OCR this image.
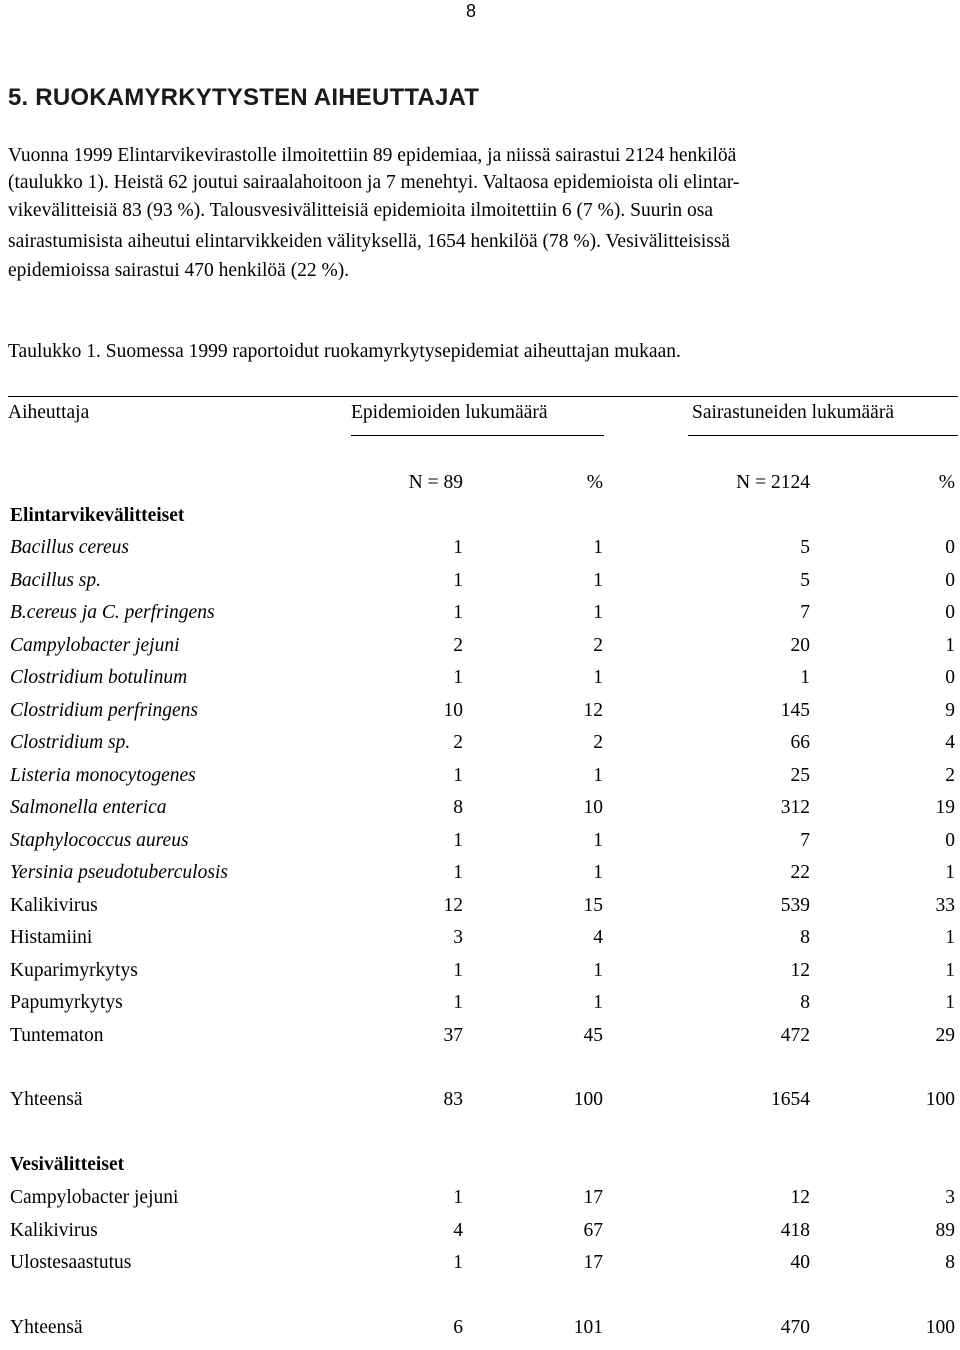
8
5. RUOKAMYRKYTYSTEN AIHEUTTAJAT
Vuonna 1999 Elintarvikevirastolle ilmoitettiin 89 epidemiaa, ja niissä sairastui 2124 henkilöä
(taulukko 1). Heistä 62 joutui sairaalahoitoon ja 7 menehtyi. Valtaosa epidemioista oli elintar-
vikevälitteisiä 83 (93 %). Talousvesivälitteisiä epidemioita ilmoitettiin 6 (7 %). Suurin osa
sairastumisista aiheutui elintarvikkeiden välityksellä, 1654 henkilöä (78 %). Vesivälitteisissä
epidemioissa sairastui 470 henkilöä (22 %).
Taulukko 1. Suomessa 1999 raportoidut ruokamyrkytysepidemiat aiheuttajan mukaan.
Aiheuttaja	Epidemioiden lukumäärä	Sairastuneiden lukumäärä
N = 89	%	N = 2124	%
Elintarvikevälitteiset
Bacillus cereus	1	1	5	0
Bacillus sp.	1	1	5	0
B.cereus ja C. perfringens	1	1	7	0
Campylobacter jejuni	2	2	20	1
Clostridium botulinum	1	1	1	0
Clostridium perfringens	10	12	145	9
Clostridium sp.	2	2	66	4
Listeria monocytogenes	1	1	25	2
Salmonella enterica	8	10	312	19
Staphylococcus aureus	1	1	7	0
Yersinia pseudotuberculosis	1	1	22	1
Kalikivirus	12	15	539	33
Histamiini	3	4	8	1
Kuparimyrkytys	1	1	12	1
Papumyrkytys	1	1	8	1
Tuntematon	37	45	472	29
Yhteensä	83	100	1654	100
Vesivälitteiset
Campylobacter jejuni	1	17	12	3
Kalikivirus	4	67	418	89
Ulostesaastutus	1	17	40	8
Yhteensä	6	101	470	100
